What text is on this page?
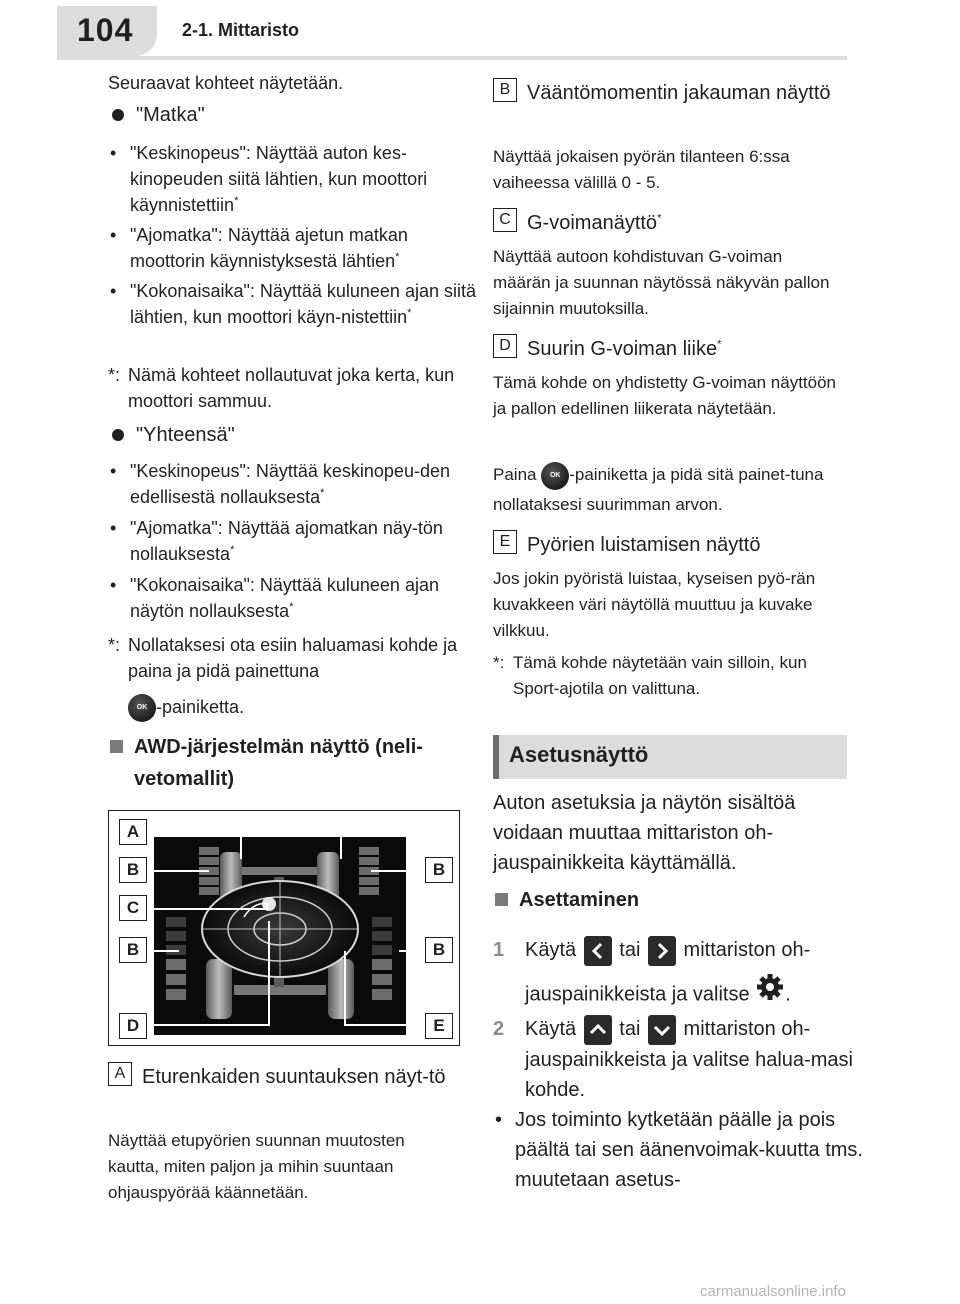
104	2-1. Mittaristo
Seuraavat kohteet näytetään.
"Matka"
• "Keskinopeus": Näyttää auton kes-kinopeuden siitä lähtien, kun moottori käynnistettiin*
• "Ajomatka": Näyttää ajetun matkan moottorin käynnistyksestä lähtien*
• "Kokonaisaika": Näyttää kuluneen ajan siitä lähtien, kun moottori käyn-nistettiin*
*: Nämä kohteet nollautuvat joka kerta, kun moottori sammuu.
"Yhteensä"
• "Keskinopeus": Näyttää keskinopeu-den edellisestä nollauksesta*
• "Ajomatka": Näyttää ajomatkan näy-tön nollauksesta*
• "Kokonaisaika": Näyttää kuluneen ajan näytön nollauksesta*
*: Nollataksesi ota esiin haluamasi kohde ja paina ja pidä painettuna
OK -painiketta.
AWD-järjestelmän näyttö (neli-vetomallit)
A
B
C
B
D
B
B
E
A Eturenkaiden suuntauksen näyt-tö
Näyttää etupyörien suunnan muutosten kautta, miten paljon ja mihin suuntaan ohjauspyörää käännetään.
B Vääntömomentin jakauman näyttö
Näyttää jokaisen pyörän tilanteen 6:ssa vaiheessa välillä 0 - 5.
C G-voimanäyttö*
Näyttää autoon kohdistuvan G-voiman määrän ja suunnan näytössä näkyvän pallon sijainnin muutoksilla.
D Suurin G-voiman liike*
Tämä kohde on yhdistetty G-voiman näyttöön ja pallon edellinen liikerata näytetään.
Paina OK -painiketta ja pidä sitä painet-tuna nollataksesi suurimman arvon.
E Pyörien luistamisen näyttö
Jos jokin pyöristä luistaa, kyseisen pyö-rän kuvakkeen väri näytöllä muuttuu ja kuvake vilkkuu.
*: Tämä kohde näytetään vain silloin, kun Sport-ajotila on valittuna.
Asetusnäyttö
Auton asetuksia ja näytön sisältöä voidaan muuttaa mittariston oh-jauspainikkeita käyttämällä.
Asettaminen
1 Käytä tai mittariston oh-jauspainikkeista ja valitse .
2 Käytä tai mittariston oh-jauspainikkeista ja valitse halua-masi kohde.
• Jos toiminto kytketään päälle ja pois päältä tai sen äänenvoimak-kuutta tms. muutetaan asetus-
carmanualsonline.info
